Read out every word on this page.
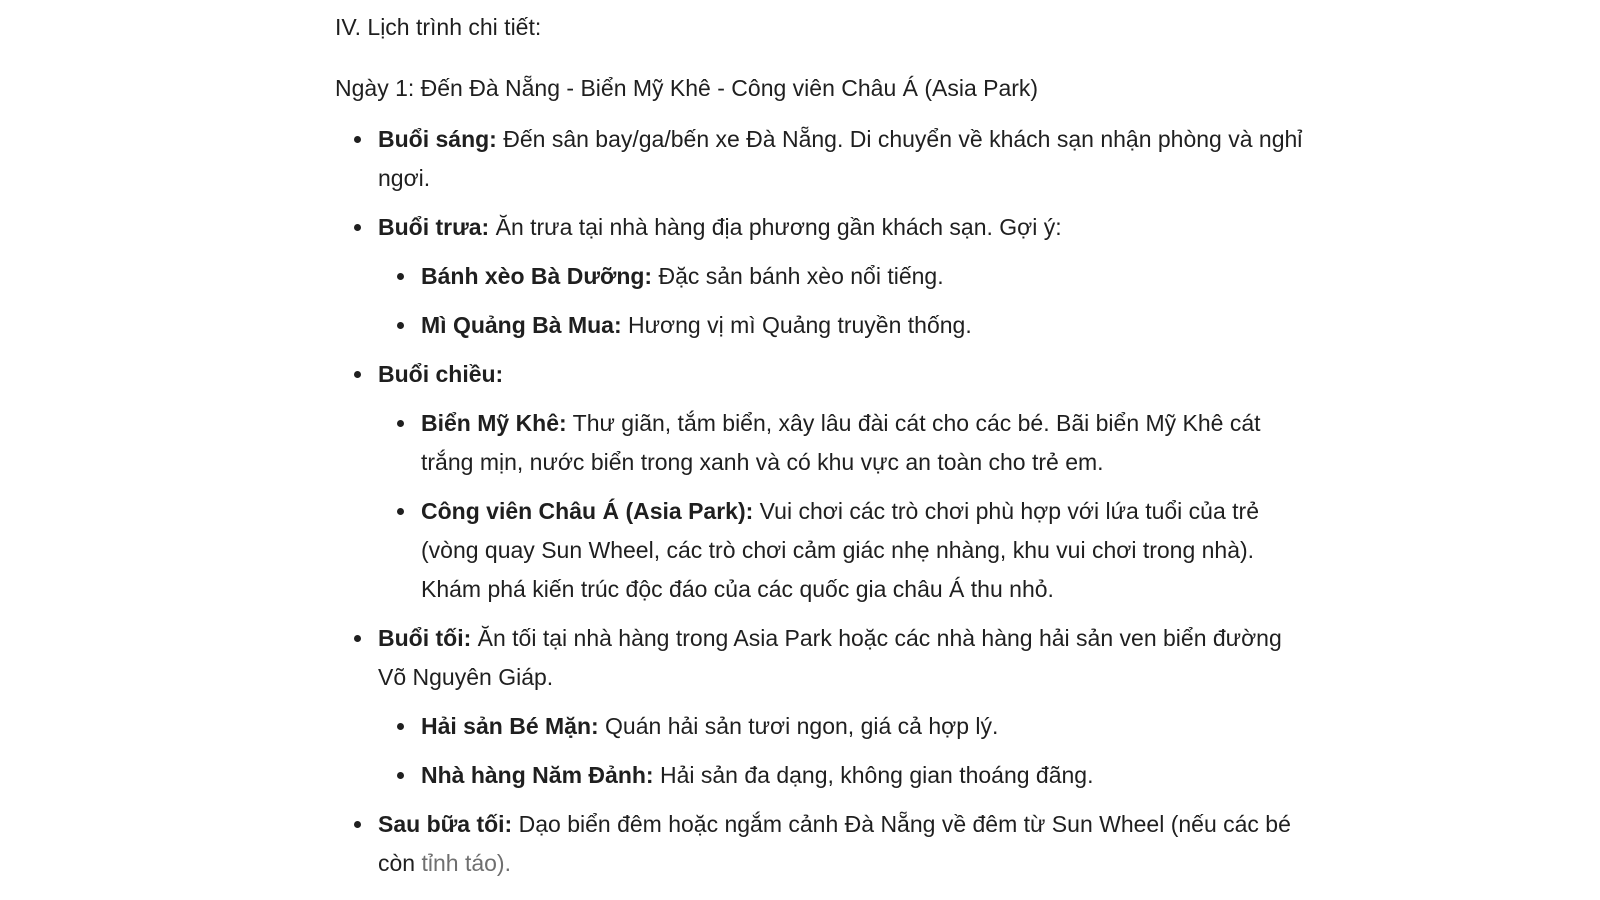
IV. Lịch trình chi tiết:
Ngày 1: Đến Đà Nẵng - Biển Mỹ Khê - Công viên Châu Á (Asia Park)
Buổi sáng: Đến sân bay/ga/bến xe Đà Nẵng. Di chuyển về khách sạn nhận phòng và nghỉ ngơi.
Buổi trưa: Ăn trưa tại nhà hàng địa phương gần khách sạn. Gợi ý:
Bánh xèo Bà Dưỡng: Đặc sản bánh xèo nổi tiếng.
Mì Quảng Bà Mua: Hương vị mì Quảng truyền thống.
Buổi chiều:
Biển Mỹ Khê: Thư giãn, tắm biển, xây lâu đài cát cho các bé. Bãi biển Mỹ Khê cát trắng mịn, nước biển trong xanh và có khu vực an toàn cho trẻ em.
Công viên Châu Á (Asia Park): Vui chơi các trò chơi phù hợp với lứa tuổi của trẻ (vòng quay Sun Wheel, các trò chơi cảm giác nhẹ nhàng, khu vui chơi trong nhà). Khám phá kiến trúc độc đáo của các quốc gia châu Á thu nhỏ.
Buổi tối: Ăn tối tại nhà hàng trong Asia Park hoặc các nhà hàng hải sản ven biển đường Võ Nguyên Giáp.
Hải sản Bé Mặn: Quán hải sản tươi ngon, giá cả hợp lý.
Nhà hàng Năm Đảnh: Hải sản đa dạng, không gian thoáng đãng.
Sau bữa tối: Dạo biển đêm hoặc ngắm cảnh Đà Nẵng về đêm từ Sun Wheel (nếu các bé còn tỉnh táo).
